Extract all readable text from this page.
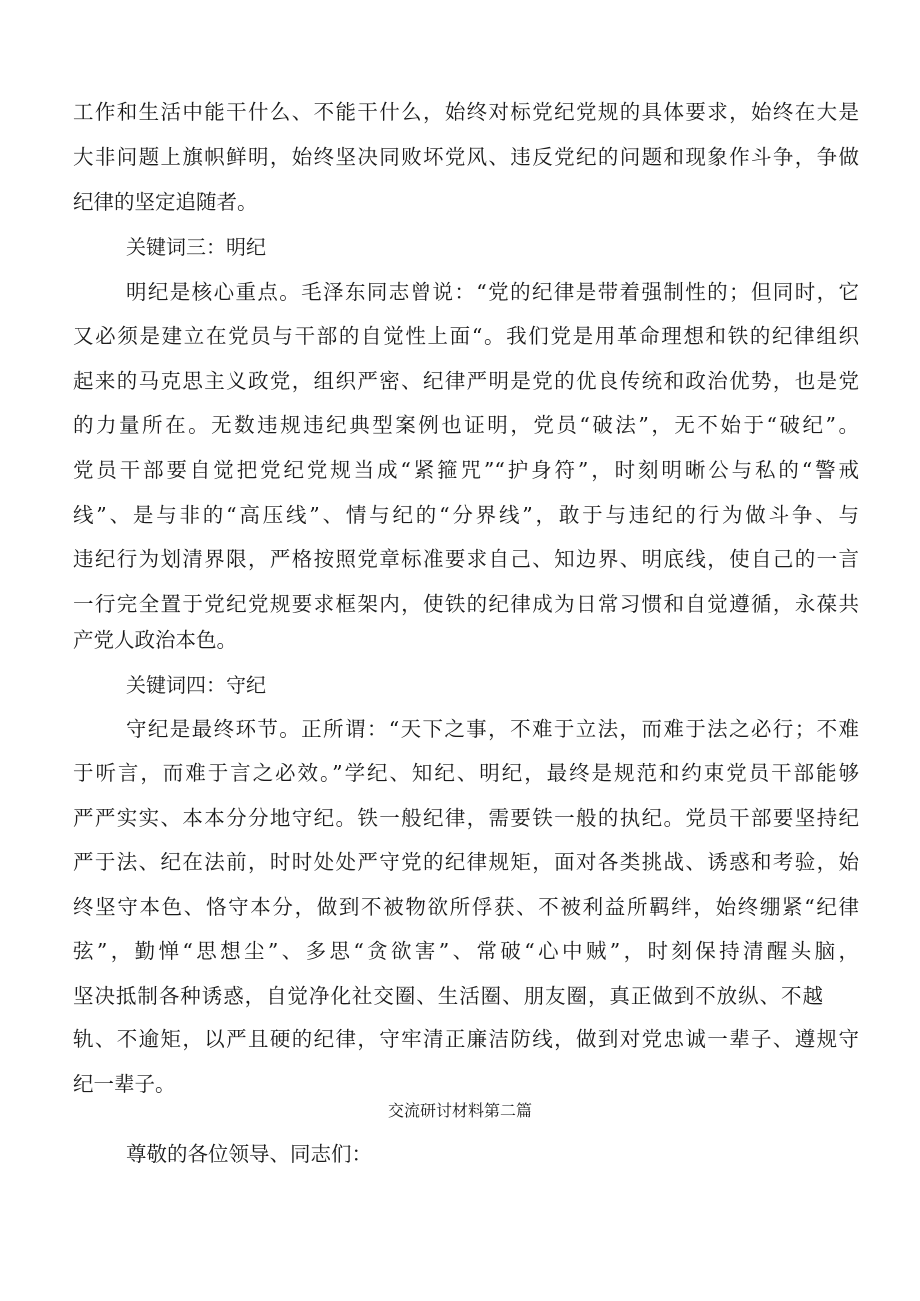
工作和生活中能干什么、不能干什么，始终对标党纪党规的具体要求，始终在大是
大非问题上旗帜鲜明，始终坚决同败坏党风、违反党纪的问题和现象作斗争，争做
纪律的坚定追随者。
关键词三：明纪
明纪是核心重点。毛泽东同志曾说：“党的纪律是带着强制性的；但同时，它
又必须是建立在党员与干部的自觉性上面“。我们党是用革命理想和铁的纪律组织
起来的马克思主义政党，组织严密、纪律严明是党的优良传统和政治优势，也是党
的力量所在。无数违规违纪典型案例也证明，党员“破法”，无不始于“破纪”。
党员干部要自觉把党纪党规当成“紧箍咒”“护身符”，时刻明晰公与私的“警戒
线”、是与非的“高压线”、情与纪的“分界线”，敢于与违纪的行为做斗争、与
违纪行为划清界限，严格按照党章标准要求自己、知边界、明底线，使自己的一言
一行完全置于党纪党规要求框架内，使铁的纪律成为日常习惯和自觉遵循，永葆共
产党人政治本色。
关键词四：守纪
守纪是最终环节。正所谓：“天下之事，不难于立法，而难于法之必行；不难
于听言，而难于言之必效。”学纪、知纪、明纪，最终是规范和约束党员干部能够
严严实实、本本分分地守纪。铁一般纪律，需要铁一般的执纪。党员干部要坚持纪
严于法、纪在法前，时时处处严守党的纪律规矩，面对各类挑战、诱惑和考验，始
终坚守本色、恪守本分，做到不被物欲所俘获、不被利益所羁绊，始终绷紧“纪律
弦”，勤惮“思想尘”、多思“贪欲害”、常破“心中贼”，时刻保持清醒头脑，
坚决抵制各种诱惑，自觉净化社交圈、生活圈、朋友圈，真正做到不放纵、不越
轨、不逾矩，以严且硬的纪律，守牢清正廉洁防线，做到对党忠诚一辈子、遵规守
纪一辈子。
交流研讨材料第二篇
尊敬的各位领导、同志们：
